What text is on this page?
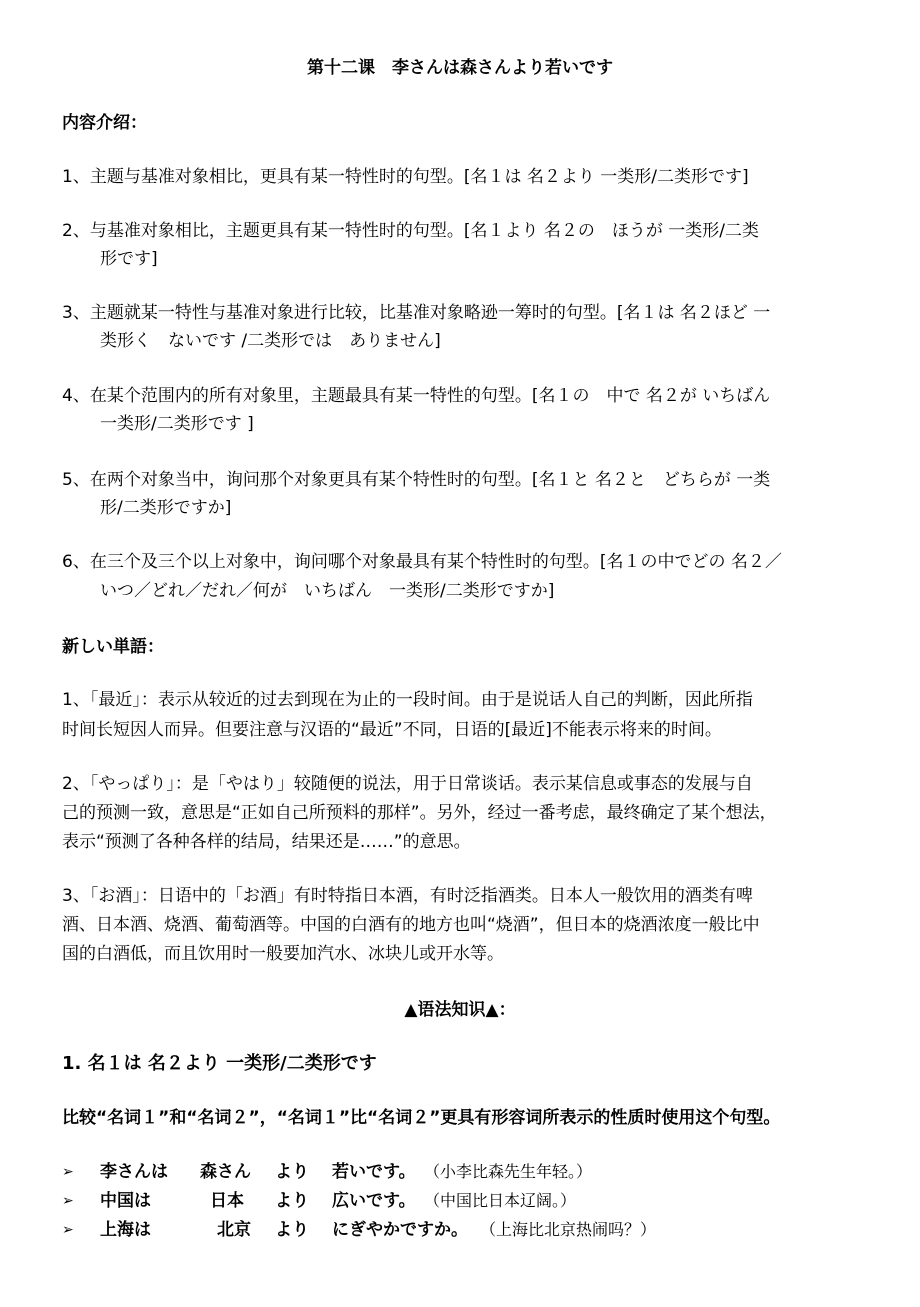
第十二课　李さんは森さんより若いです
内容介绍：
1、主题与基准对象相比，更具有某一特性时的句型。[名１は 名２より 一类形/二类形です]
2、与基准对象相比，主题更具有某一特性时的句型。[名１より 名２の　ほうが 一类形/二类
形です]
3、主题就某一特性与基准对象进行比较，比基准对象略逊一筹时的句型。[名１は 名２ほど 一
类形く　ないです /二类形では　ありません]
4、在某个范围内的所有对象里，主题最具有某一特性的句型。[名１の　中で 名２が いちばん
一类形/二类形です ]
5、在两个对象当中，询问那个对象更具有某个特性时的句型。[名１と 名２と　どちらが 一类
形/二类形ですか]
6、在三个及三个以上对象中，询问哪个对象最具有某个特性时的句型。[名１の中でどの 名２／
いつ／どれ／だれ／何が　いちばん　一类形/二类形ですか]
新しい単語：
1、「最近」：表示从较近的过去到现在为止的一段时间。由于是说话人自己的判断，因此所指
时间长短因人而异。但要注意与汉语的“最近”不同，日语的[最近]不能表示将来的时间。
2、「やっぱり」：是「やはり」较随便的说法，用于日常谈话。表示某信息或事态的发展与自
己的预测一致，意思是“正如自己所预料的那样”。另外，经过一番考虑，最终确定了某个想法，
表示“预测了各种各样的结局，结果还是……”的意思。
3、「お酒」：日语中的「お酒」有时特指日本酒，有时泛指酒类。日本人一般饮用的酒类有啤
酒、日本酒、烧酒、葡萄酒等。中国的白酒有的地方也叫“烧酒”，但日本的烧酒浓度一般比中
国的白酒低，而且饮用时一般要加汽水、冰块儿或开水等。
▲语法知识▲：
1. 名１は 名２より 一类形/二类形です
比较“名词１”和“名词２”，“名词１”比“名词２”更具有形容词所表示的性质时使用这个句型。
➢	李さんは 森さん より 若いです。 （小李比森先生年轻。）
➢	中国は	日本 より 広いです。 （中国比日本辽阔。）
➢	上海は	北京 より にぎやかですか。 （上海比北京热闹吗？）
